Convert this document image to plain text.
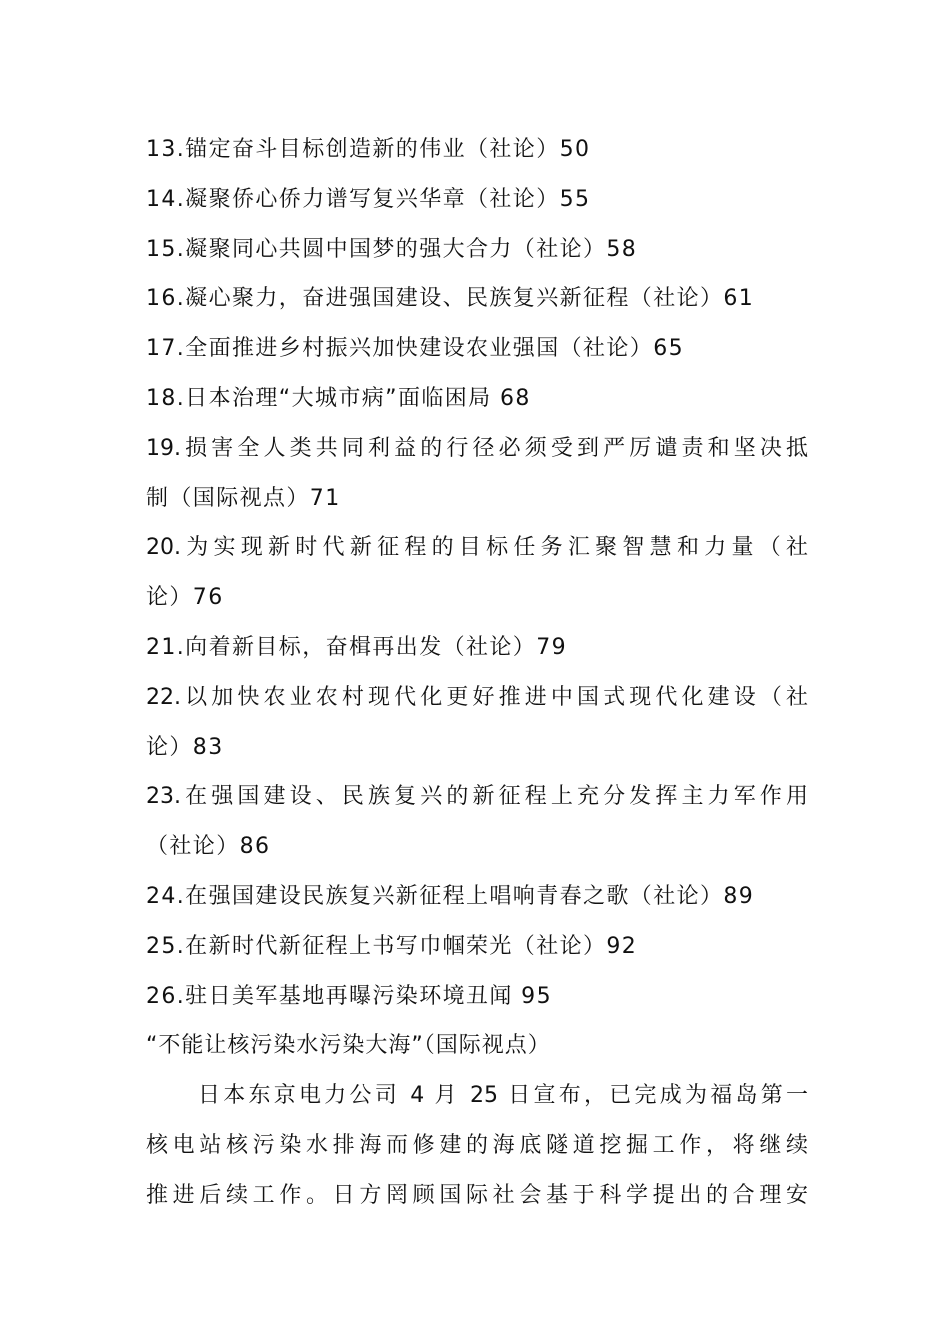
13.锚定奋斗目标创造新的伟业（社论）50
14.凝聚侨心侨力谱写复兴华章（社论）55
15.凝聚同心共圆中国梦的强大合力（社论）58
16.凝心聚力，奋进强国建设、民族复兴新征程（社论）61
17.全面推进乡村振兴加快建设农业强国（社论）65
18.日本治理“大城市病”面临困局 68
19.损害全人类共同利益的行径必须受到严厉谴责和坚决抵
制（国际视点）71
20.为实现新时代新征程的目标任务汇聚智慧和力量（社
论）76
21.向着新目标，奋楫再出发（社论）79
22.以加快农业农村现代化更好推进中国式现代化建设（社
论）83
23.在强国建设、民族复兴的新征程上充分发挥主力军作用
（社论）86
24.在强国建设民族复兴新征程上唱响青春之歌（社论）89
25.在新时代新征程上书写巾帼荣光（社论）92
26.驻日美军基地再曝污染环境丑闻 95
“不能让核污染水污染大海”（国际视点）
日本东京电力公司 4 月 25 日宣布，已完成为福岛第一
核电站核污染水排海而修建的海底隧道挖掘工作，将继续
推进后续工作。日方罔顾国际社会基于科学提出的合理安
